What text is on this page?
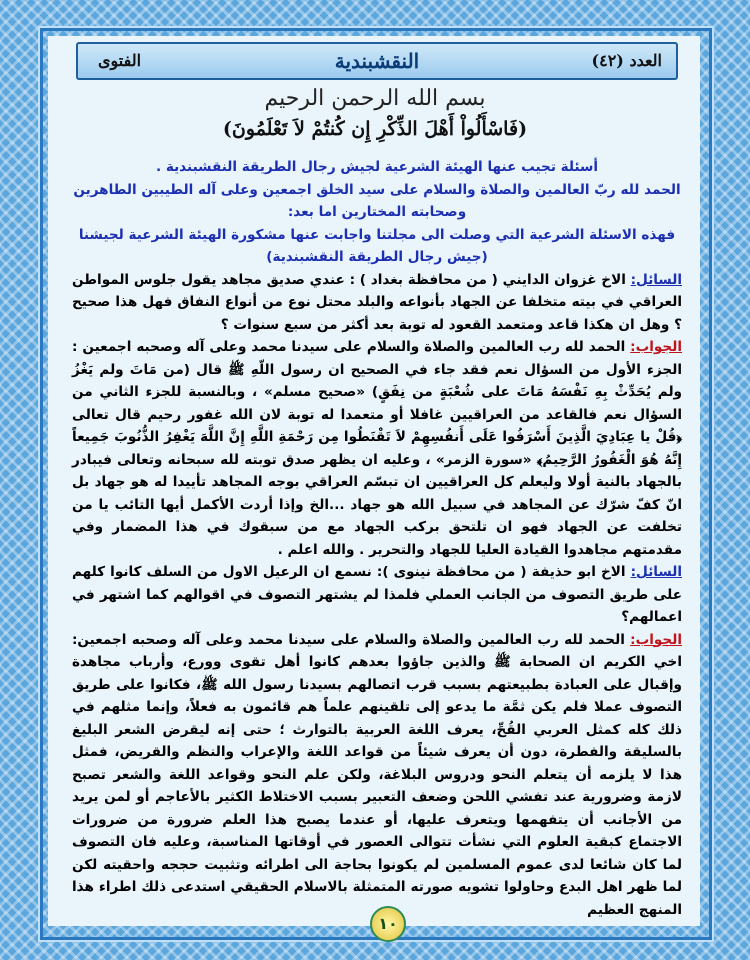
العدد (٤٢)
النقشبندية
الفتوى
بسم الله الرحمن الرحيم
(فَاسْأَلُواْ أَهْلَ الذِّكْرِ إِن كُنتُمْ لاَ تَعْلَمُونَ)

أسئلة تجيب عنها الهيئة الشرعية لجيش رجال الطريقة النقشبندية .

الحمد لله ربّ العالمين والصلاة والسلام على سيد الخلق اجمعين وعلى آله الطيبين الطاهرين وصحابته المختارين اما بعد:

فهذه الاسئلة الشرعية التي وصلت الى مجلتنا واجابت عنها مشكورة الهيئة الشرعية لجيشنا (جيش رجال الطريقة النقشبندية)

السائل: الاخ غزوان الدايني ( من محافظة بغداد ) : عندي صديق مجاهد يقول جلوس المواطن العراقي في بيته متخلفا عن الجهاد بأنواعه والبلد محتل نوع من أنواع النفاق فهل هذا صحيح ؟ وهل ان هكذا قاعد ومتعمد القعود له توبة بعد أكثر من سبع سنوات ؟

الجواب: الحمد لله رب العالمين والصلاة والسلام على سيدنا محمد وعلى آله وصحبه اجمعين : الجزء الأول من السؤال نعم فقد جاء في الصحيح ان رسول اللّهِ ﷺ قال (من مَاتَ ولم يَغْزُ ولم يُحَدِّثْ بِهِ نَفْسَهُ مَاتَ على شُعْبَةٍ من نِفَقٍ) «صحيح مسلم» ، وبالنسبة للجزء الثاني من السؤال نعم فالقاعد من العراقيين غافلا أو متعمدا له توبة لان الله غفور رحيم قال تعالى ﴿قُلْ يا عِبَادِيَ الَّذِينَ أَسْرَفُوا عَلَى أَنفُسِهِمْ لاَ تَقْنَطُوا مِن رَحْمَةِ اللَّهِ إِنَّ اللَّهَ يَغْفِرُ الذُّنُوبَ جَمِيعاً إِنَّهُ هُوَ الْغَفُورُ الرَّحِيمُ﴾ «سورة الزمر» ، وعليه ان يظهر صدق توبته لله سبحانه وتعالى فيبادر بالجهاد بالنية أولا وليعلم كل العراقيين ان تبسّم العراقي بوجه المجاهد تأييدا له هو جهاد بل انّ كفّ شرّك عن المجاهد في سبيل الله هو جهاد ...الخ وإذا أردت الأكمل أيها التائب يا من تخلفت عن الجهاد فهو ان تلتحق بركب الجهاد مع من سبقوك في هذا المضمار وفي مقدمتهم مجاهدوا القيادة العليا للجهاد والتحرير . والله اعلم .

السائل: الاخ ابو حذيفة ( من محافظة نينوى ): نسمع ان الرعيل الاول من السلف كانوا كلهم على طريق التصوف من الجانب العملي فلمذا لم يشتهر التصوف في اقوالهم كما اشتهر في اعمالهم؟

الجواب: الحمد لله رب العالمين والصلاة والسلام على سيدنا محمد وعلى آله وصحبه اجمعين: اخي الكريم ان الصحابة ﷺ والذين جاؤوا بعدهم كانوا أهل تقوى وورع، وأرباب مجاهدة وإقبال على العبادة بطبيعتهم بسبب قرب اتصالهم بسيدنا رسول الله ﷺ، فكانوا على طريق التصوف عملا فلم يكن ثمَّة ما يدعو إلى تلقينهم علماً هم قائمون به فعلاً، وإنما مثلهم في ذلك كله كمثل العربي القُحِّ، يعرف اللغة العربية بالتوارث ؛ حتى إنه ليقرض الشعر البليغ بالسليقة والفطرة، دون أن يعرف شيئاً من قواعد اللغة والإعراب والنظم والقريض، فمثل هذا لا يلزمه أن يتعلم النحو ودروس البلاغة، ولكن علم النحو وقواعد اللغة والشعر تصبح لازمة وضرورية عند تفشي اللحن وضعف التعبير بسبب الاختلاط الكثير بالأعاجم أو لمن يريد من الأجانب أن يتفهمها ويتعرف عليها، أو عندما يصبح هذا العلم ضرورة من ضرورات الاجتماع كبقية العلوم التي نشأت تتوالى العصور في أوقاتها المناسبة، وعليه فان التصوف لما كان شائعا لدى عموم المسلمين لم يكونوا بحاجة الى اطرائه وتثبيت حججه واحقيته لكن لما ظهر اهل البدع وحاولوا تشويه صورته المتمثلة بالاسلام الحقيقي استدعى ذلك اطراء هذا المنهج العظيم

١٠
